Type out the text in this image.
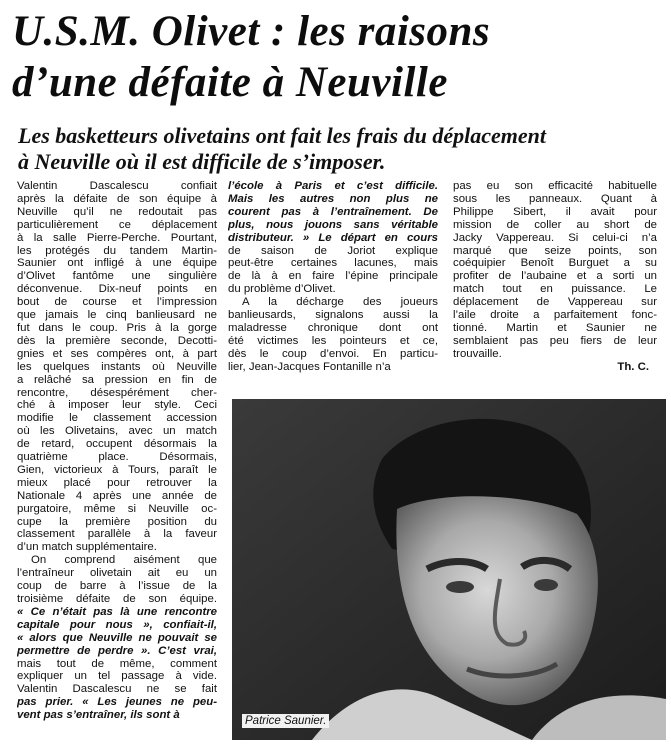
U.S.M. Olivet : les raisons
d’une défaite à Neuville
Les basketteurs olivetains ont fait les frais du déplacement
à Neuville où il est difficile de s’imposer.
Valentin Dascalescu confiait
après la défaite de son équipe à
Neuville qu’il ne redoutait pas
particulièrement ce déplacement
à la salle Pierre-Perche. Pourtant,
les protégés du tandem Martin-
Saunier ont infligé à une équipe
d’Olivet fantôme une singulière
déconvenue. Dix-neuf points en
bout de course et l’impression
que jamais le cinq banlieusard ne
fut dans le coup. Pris à la gorge
dès la première seconde, Decotti-
gnies et ses compères ont, à part
les quelques instants où Neuville
a relâché sa pression en fin de
rencontre, désespérément cher-
ché à imposer leur style. Ceci
modifie le classement accession
où les Olivetains, avec un match
de retard, occupent désormais la
quatrième place. Désormais,
Gien, victorieux à Tours, paraît le
mieux placé pour retrouver la
Nationale 4 après une année de
purgatoire, même si Neuville oc-
cupe la première position du
classement parallèle à la faveur
d’un match supplémentaire.
On comprend aisément que
l’entraîneur olivetain ait eu un
coup de barre à l’issue de la
troisième défaite de son équipe.
« Ce n’était pas là une rencontre
capitale pour nous », confiait-il,
« alors que Neuville ne pouvait se
permettre de perdre ». C’est vrai,
mais tout de même, comment
expliquer un tel passage à vide.
Valentin Dascalescu ne se fait
pas prier. « Les jeunes ne peu-
vent pas s’entraîner, ils sont à
l’école à Paris et c’est difficile.
Mais les autres non plus ne
courent pas à l’entraînement. De
plus, nous jouons sans véritable
distributeur. » Le départ en cours
de saison de Joriot explique
peut-être certaines lacunes, mais
de là à en faire l’épine principale
du problème d’Olivet.
A la décharge des joueurs
banlieusards, signalons aussi la
maladresse chronique dont ont
été victimes les pointeurs et ce,
dès le coup d’envoi. En particu-
lier, Jean-Jacques Fontanille n’a
pas eu son efficacité habituelle
sous les panneaux. Quant à
Philippe Sibert, il avait pour
mission de coller au short de
Jacky Vappereau. Si celui-ci n’a
marqué que seize points, son
coéquipier Benoît Burguet a su
profiter de l’aubaine et a sorti un
match tout en puissance. Le
déplacement de Vappereau sur
l’aile droite a parfaitement fonc-
tionné. Martin et Saunier ne
semblaient pas peu fiers de leur
trouvaille.
Th. C.
Patrice Saunier.
